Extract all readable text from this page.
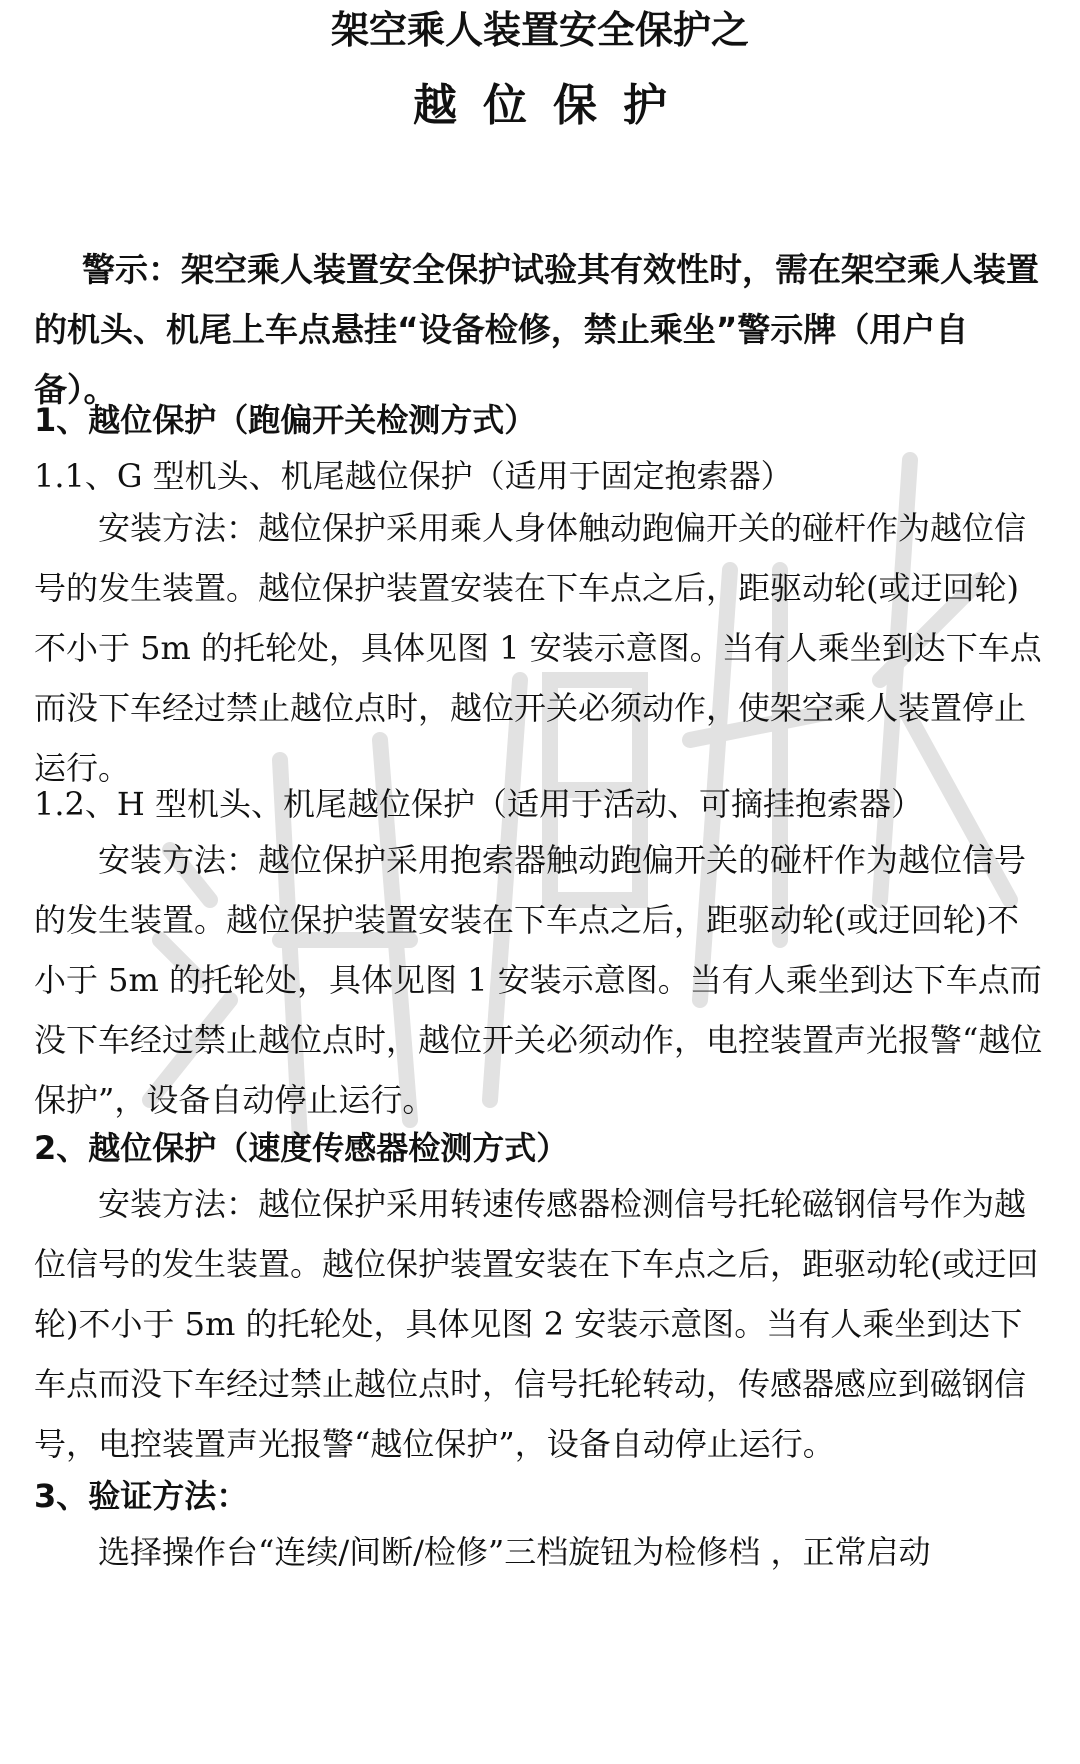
架空乘人装置安全保护之
越位保护
警示：架空乘人装置安全保护试验其有效性时，需在架空乘人装置的机头、机尾上车点悬挂“设备检修，禁止乘坐”警示牌（用户自备）。
1、越位保护（跑偏开关检测方式）
1.1、G 型机头、机尾越位保护（适用于固定抱索器）
安装方法：越位保护采用乘人身体触动跑偏开关的碰杆作为越位信号的发生装置。越位保护装置安装在下车点之后，距驱动轮(或迂回轮)不小于 5m 的托轮处，具体见图 1 安装示意图。当有人乘坐到达下车点而没下车经过禁止越位点时，越位开关必须动作，使架空乘人装置停止运行。
1.2、H 型机头、机尾越位保护（适用于活动、可摘挂抱索器）
安装方法：越位保护采用抱索器触动跑偏开关的碰杆作为越位信号的发生装置。越位保护装置安装在下车点之后，距驱动轮(或迂回轮)不小于 5m 的托轮处，具体见图 1 安装示意图。当有人乘坐到达下车点而没下车经过禁止越位点时，越位开关必须动作，电控装置声光报警“越位保护”，设备自动停止运行。
2、越位保护（速度传感器检测方式）
安装方法：越位保护采用转速传感器检测信号托轮磁钢信号作为越位信号的发生装置。越位保护装置安装在下车点之后，距驱动轮(或迂回轮)不小于 5m 的托轮处，具体见图 2 安装示意图。当有人乘坐到达下车点而没下车经过禁止越位点时，信号托轮转动，传感器感应到磁钢信号，电控装置声光报警“越位保护”，设备自动停止运行。
3、验证方法：
选择操作台“连续/间断/检修”三档旋钮为检修档 ，正常启动
